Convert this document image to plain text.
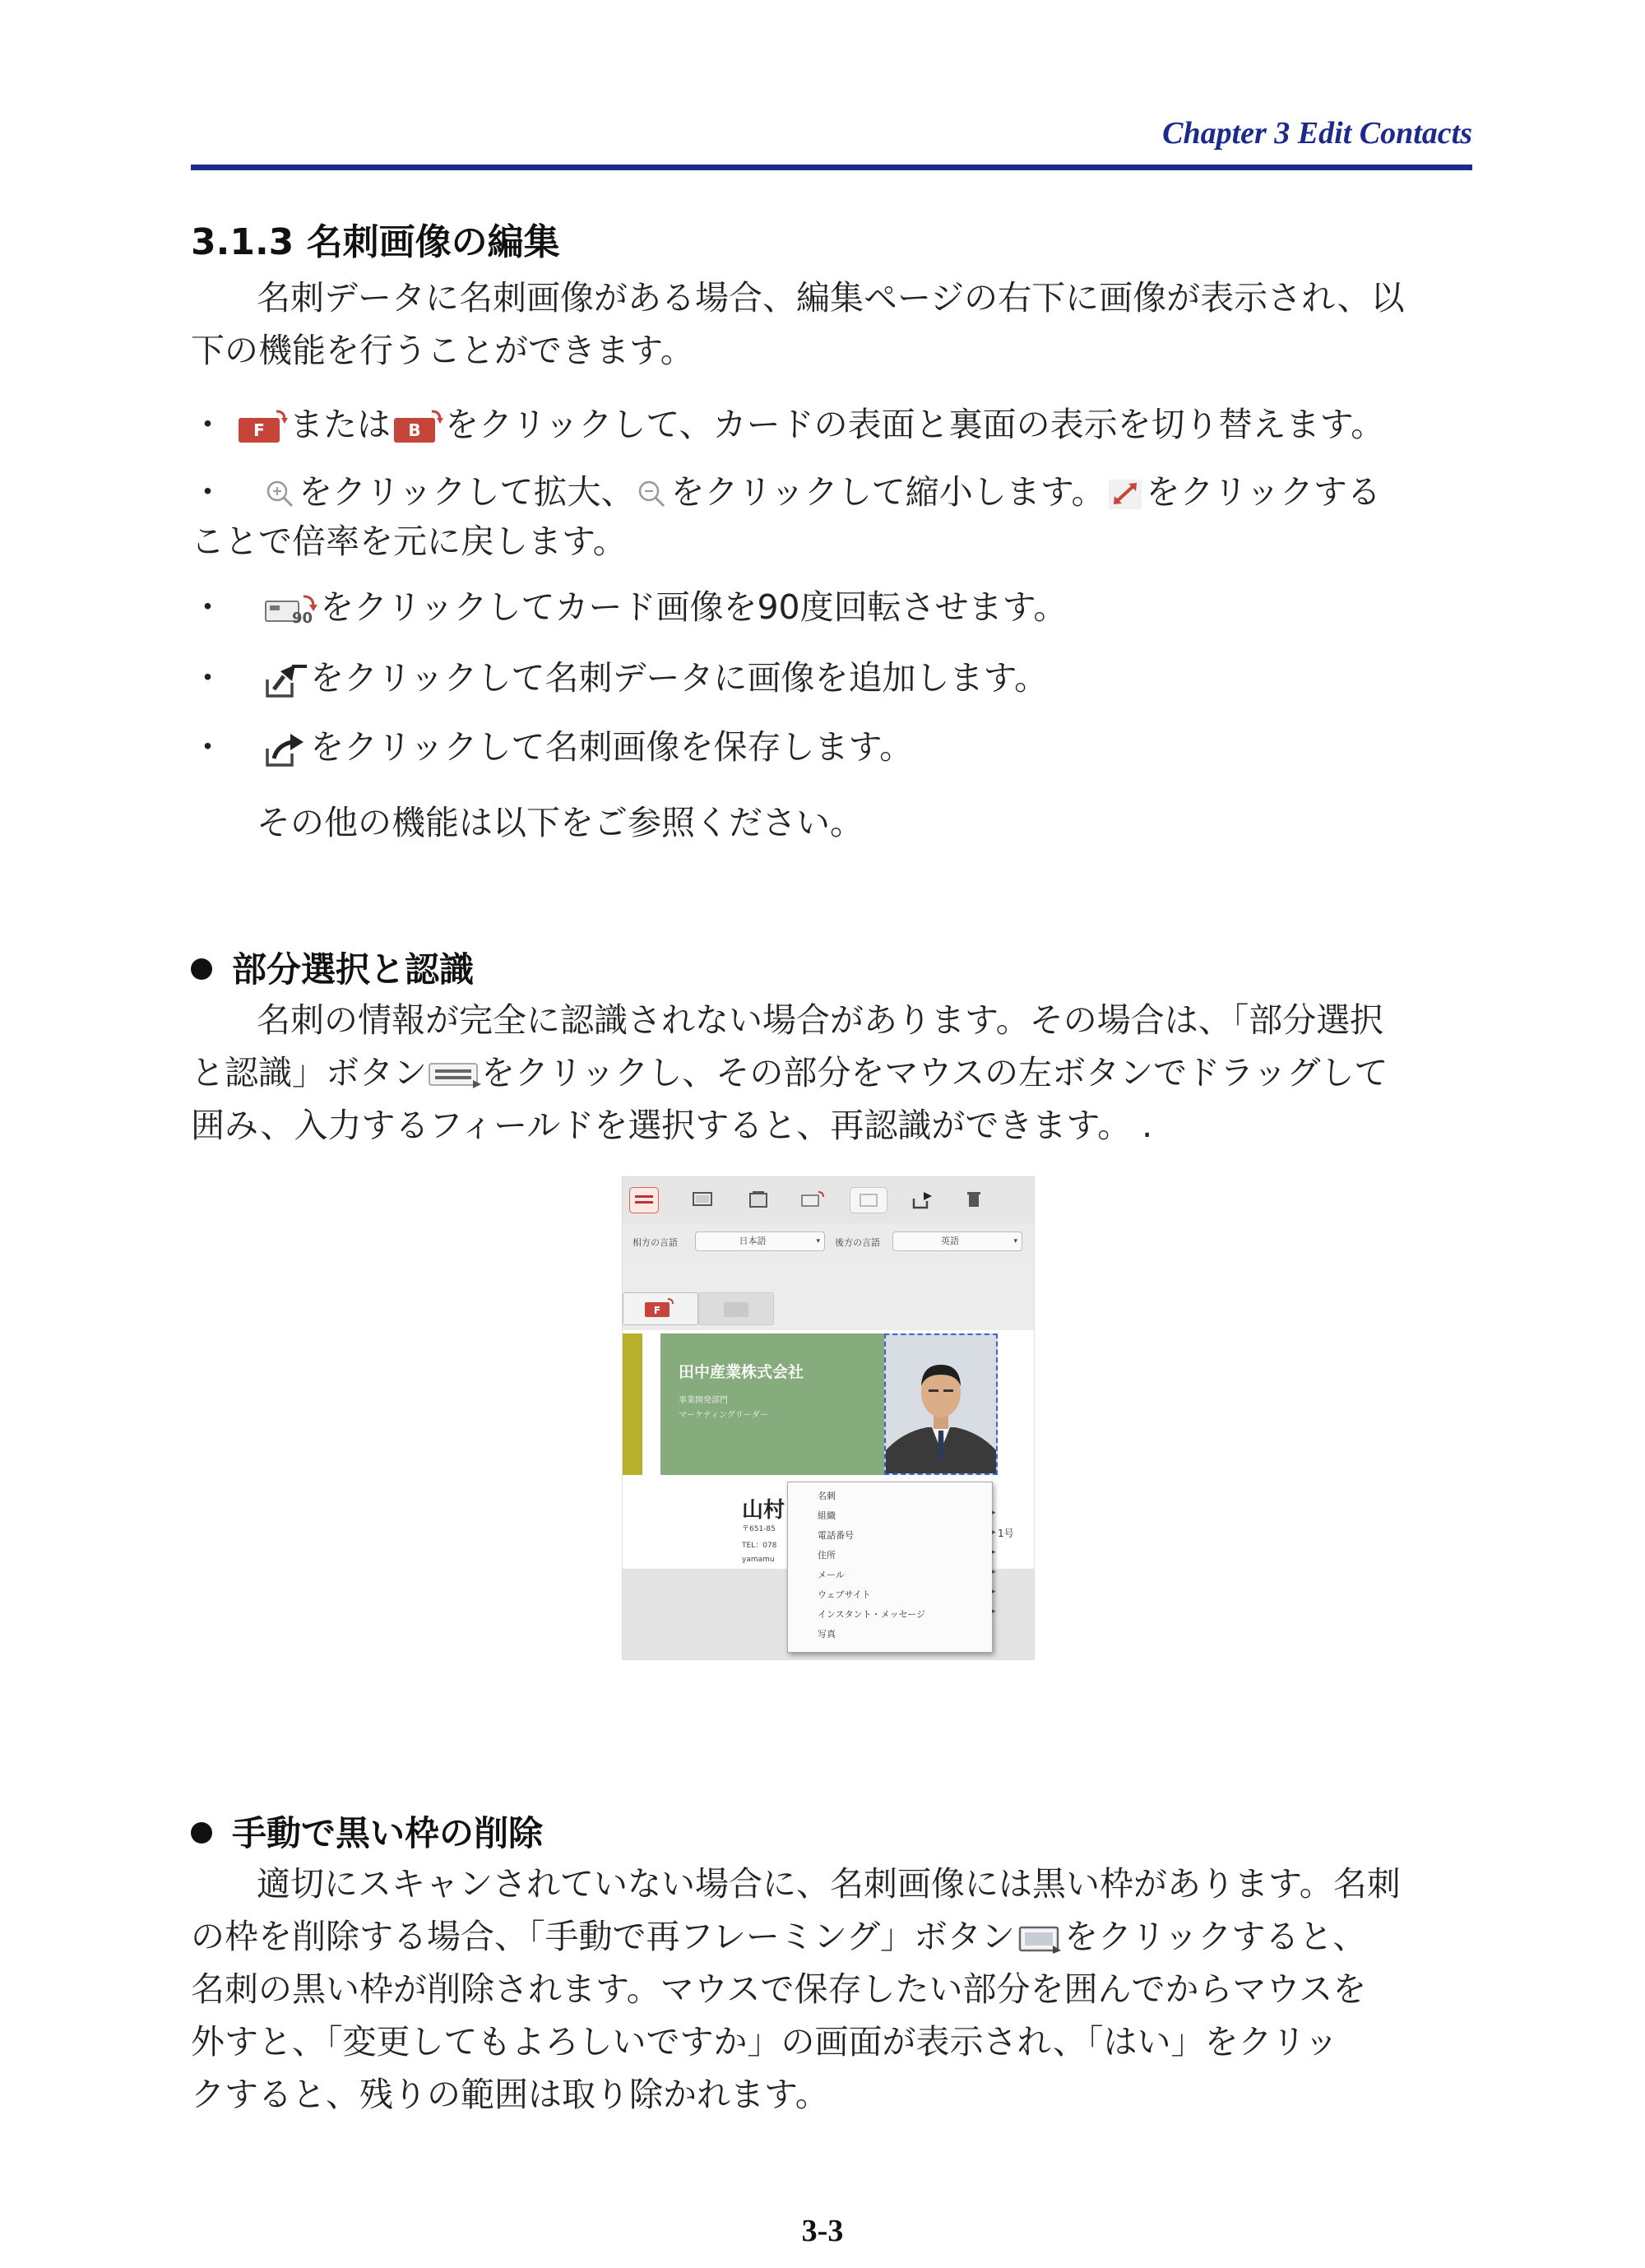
Chapter 3 Edit Contacts
3.1.3 名刺画像の編集
名刺データに名刺画像がある場合、編集ページの右下に画像が表示され、以
下の機能を行うことができます。
・ F または B をクリックして、カードの表面と裏面の表示を切り替えます。
・ をクリックして拡大、 をクリックして縮小します。 をクリックする
ことで倍率を元に戻します。
・	90 をクリックしてカード画像を90度回転させます。
・	をクリックして名刺データに画像を追加します。
・	をクリックして名刺画像を保存します。
その他の機能は以下をご参照ください。
部分選択と認識
名刺の情報が完全に認識されない場合があります。その場合は、「部分選択
と認識」ボタン をクリックし、その部分をマウスの左ボタンでドラッグして
囲み、入力するフィールドを選択すると、再認識ができます。 .
相方の言語	日本語	▾ 後方の言語	英語	▾
F
田中産業株式会社
事業開発部門
マーケティングリーダー
山村
〒651-85
TEL：078
yamamu
1号
名刺
組織	▸
電話番号	▸
住所	▸
メール	▸
ウェブサイト	▸
インスタント・メッセージ	▸
写真
手動で黒い枠の削除
適切にスキャンされていない場合に、名刺画像には黒い枠があります。名刺
の枠を削除する場合、「手動で再フレーミング」ボタン をクリックすると、
名刺の黒い枠が削除されます。マウスで保存したい部分を囲んでからマウスを
外すと、「変更してもよろしいですか」の画面が表示され、「はい」をクリッ
クすると、残りの範囲は取り除かれます。
3-3
